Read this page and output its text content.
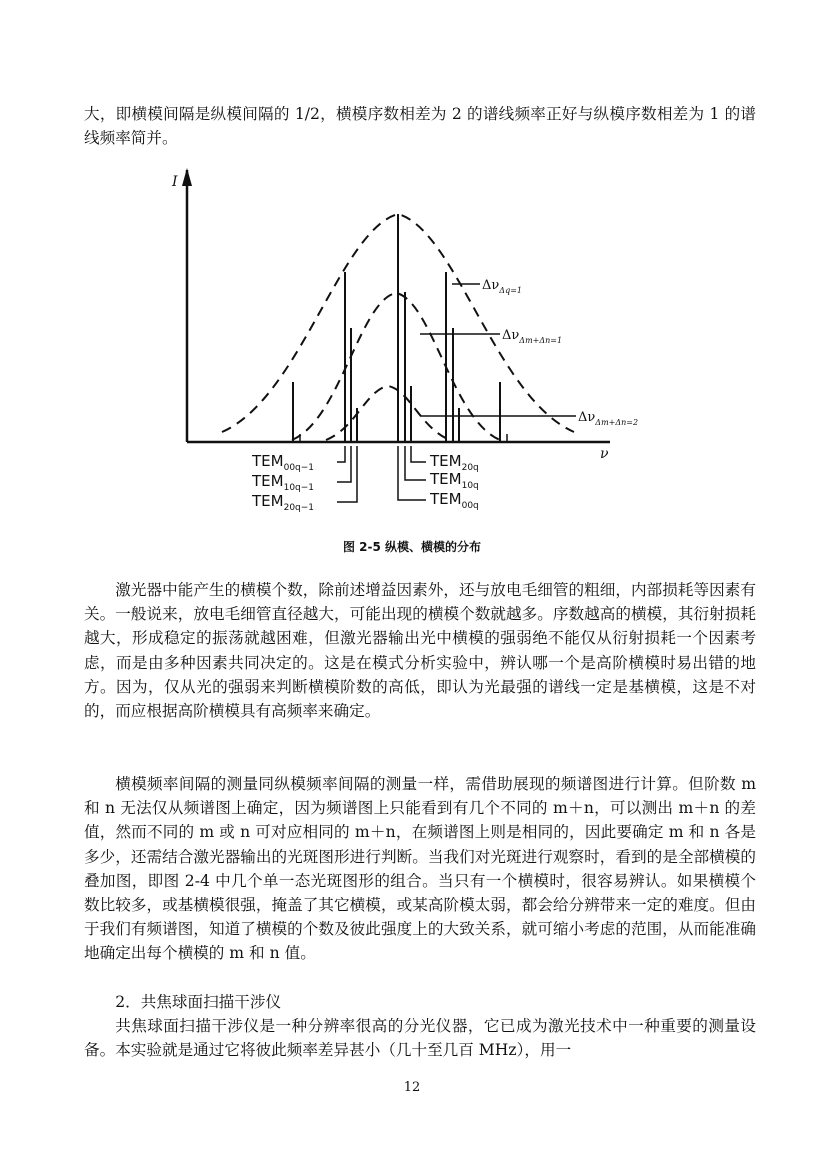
大，即横模间隔是纵模间隔的 1/2，横模序数相差为 2 的谱线频率正好与纵模序数相差为 1 的谱线频率简并。

I
ν
$\Delta\nu_{\Delta q=1}$
$\Delta\nu_{\Delta m+\Delta n=1}$
$\Delta\nu_{\Delta m+\Delta n=2}$
$TEM_{00q-1}$
$TEM_{10q-1}$
$TEM_{20q-1}$
$TEM_{20q}$
$TEM_{10q}$
$TEM_{00q}$
图 2-5 纵模、横模的分布

激光器中能产生的横模个数，除前述增益因素外，还与放电毛细管的粗细，内部损耗等因素有关。一般说来，放电毛细管直径越大，可能出现的横模个数就越多。序数越高的横模，其衍射损耗越大，形成稳定的振荡就越困难，但激光器输出光中横模的强弱绝不能仅从衍射损耗一个因素考虑，而是由多种因素共同决定的。这是在模式分析实验中，辨认哪一个是高阶横模时易出错的地方。因为，仅从光的强弱来判断横模阶数的高低，即认为光最强的谱线一定是基横模，这是不对的，而应根据高阶横模具有高频率来确定。

横模频率间隔的测量同纵模频率间隔的测量一样，需借助展现的频谱图进行计算。但阶数 m 和 n 无法仅从频谱图上确定，因为频谱图上只能看到有几个不同的 m＋n，可以测出 m＋n 的差值，然而不同的 m 或 n 可对应相同的 m＋n，在频谱图上则是相同的，因此要确定 m 和 n 各是多少，还需结合激光器输出的光斑图形进行判断。当我们对光斑进行观察时，看到的是全部横模的叠加图，即图 2-4 中几个单一态光斑图形的组合。当只有一个横模时，很容易辨认。如果横模个数比较多，或基横模很强，掩盖了其它横模，或某高阶模太弱，都会给分辨带来一定的难度。但由于我们有频谱图，知道了横模的个数及彼此强度上的大致关系，就可缩小考虑的范围，从而能准确地确定出每个横模的 m 和 n 值。

2．共焦球面扫描干涉仪

共焦球面扫描干涉仪是一种分辨率很高的分光仪器，它已成为激光技术中一种重要的测量设备。本实验就是通过它将彼此频率差异甚小（几十至几百 MHz），用一

12
